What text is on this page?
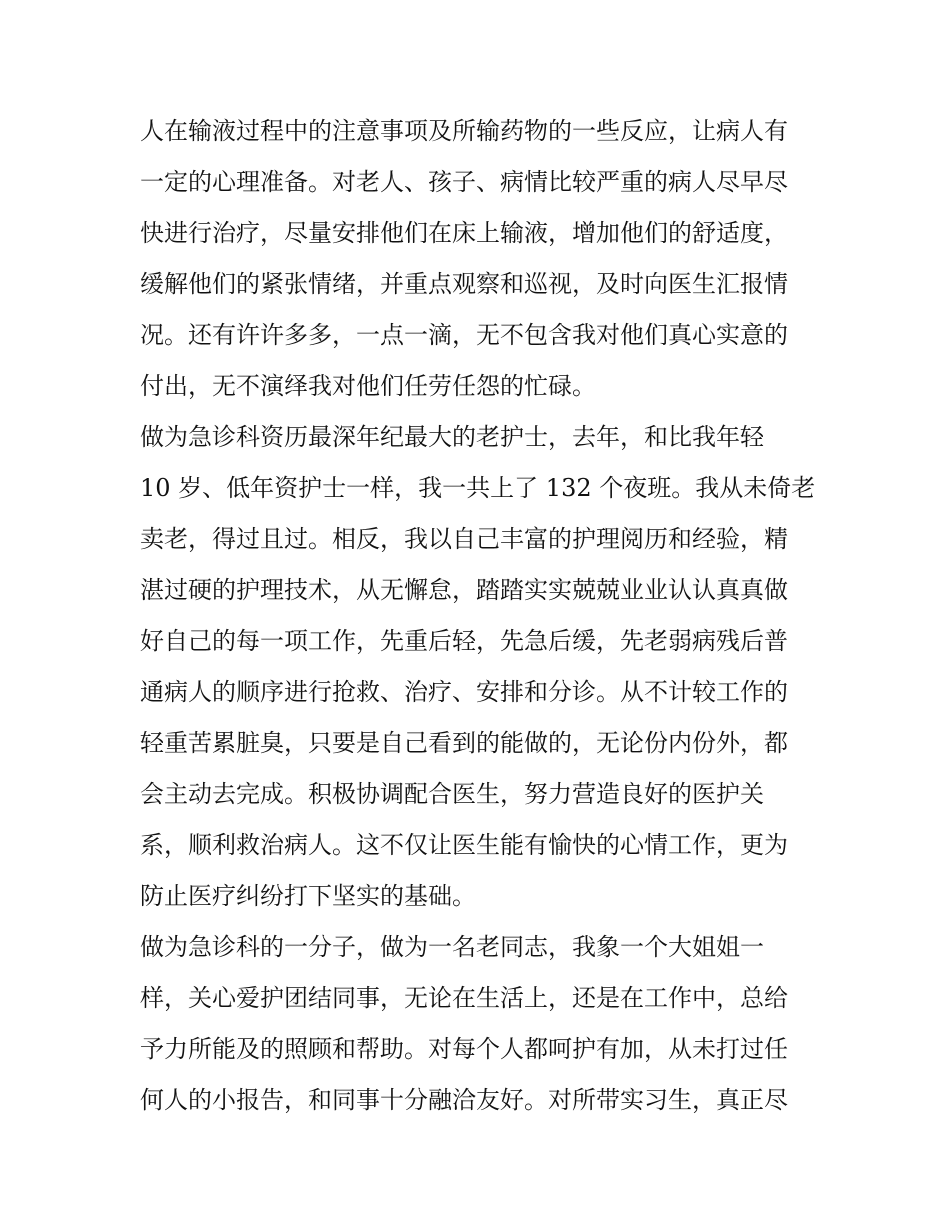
人在输液过程中的注意事项及所输药物的一些反应，让病人有
一定的心理准备。对老人、孩子、病情比较严重的病人尽早尽
快进行治疗，尽量安排他们在床上输液，增加他们的舒适度，
缓解他们的紧张情绪，并重点观察和巡视，及时向医生汇报情
况。还有许许多多，一点一滴，无不包含我对他们真心实意的
付出，无不演绎我对他们任劳任怨的忙碌。
做为急诊科资历最深年纪最大的老护士，去年，和比我年轻
10 岁、低年资护士一样，我一共上了 132 个夜班。我从未倚老
卖老，得过且过。相反，我以自己丰富的护理阅历和经验，精
湛过硬的护理技术，从无懈怠，踏踏实实兢兢业业认认真真做
好自己的每一项工作，先重后轻，先急后缓，先老弱病残后普
通病人的顺序进行抢救、治疗、安排和分诊。从不计较工作的
轻重苦累脏臭，只要是自己看到的能做的，无论份内份外，都
会主动去完成。积极协调配合医生，努力营造良好的医护关
系，顺利救治病人。这不仅让医生能有愉快的心情工作，更为
防止医疗纠纷打下坚实的基础。
做为急诊科的一分子，做为一名老同志，我象一个大姐姐一
样，关心爱护团结同事，无论在生活上，还是在工作中，总给
予力所能及的照顾和帮助。对每个人都呵护有加，从未打过任
何人的小报告，和同事十分融洽友好。对所带实习生，真正尽
